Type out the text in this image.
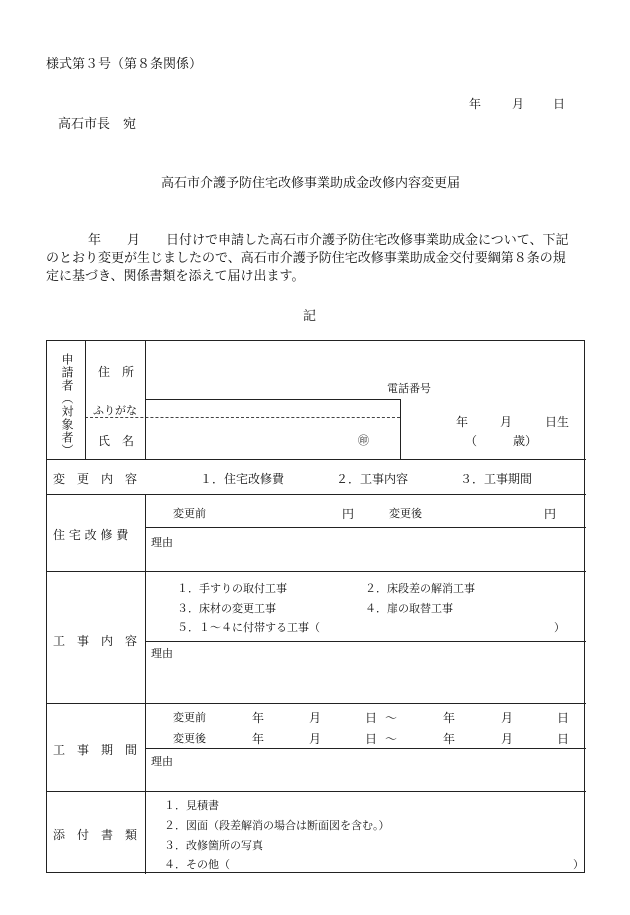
様式第３号（第８条関係）
年	月 日
高石市長　宛
高石市介護予防住宅改修事業助成金改修内容変更届
年　　月　　日付けで申請した高石市介護予防住宅改修事業助成金について、下記
のとおり変更が生じましたので、高石市介護予防住宅改修事業助成金交付要綱第８条の規
定に基づき、関係書類を添えて届け出ます。
記
申請者（対象者） 住　所
電話番号
ふりがな
氏　名	㊞
年	月	日生
（　　　歳）
変　更　内　容	１．住宅改修費	２．工事内容	３．工事期間
住 宅 改 修 費
変更前	円	変更後	円
理由
工　事　内　容
１．手すりの取付工事	２．床段差の解消工事
３．床材の変更工事	４．扉の取替工事
５．１～４に付帯する工事（	）
理由
工　事　期　間
変更前	年	月	日 ～	年	月	日
変更後	年	月	日 ～	年	月	日
理由
添　付　書　類
１．見積書
２．図面（段差解消の場合は断面図を含む。）
３．改修箇所の写真
４．その他（	）
